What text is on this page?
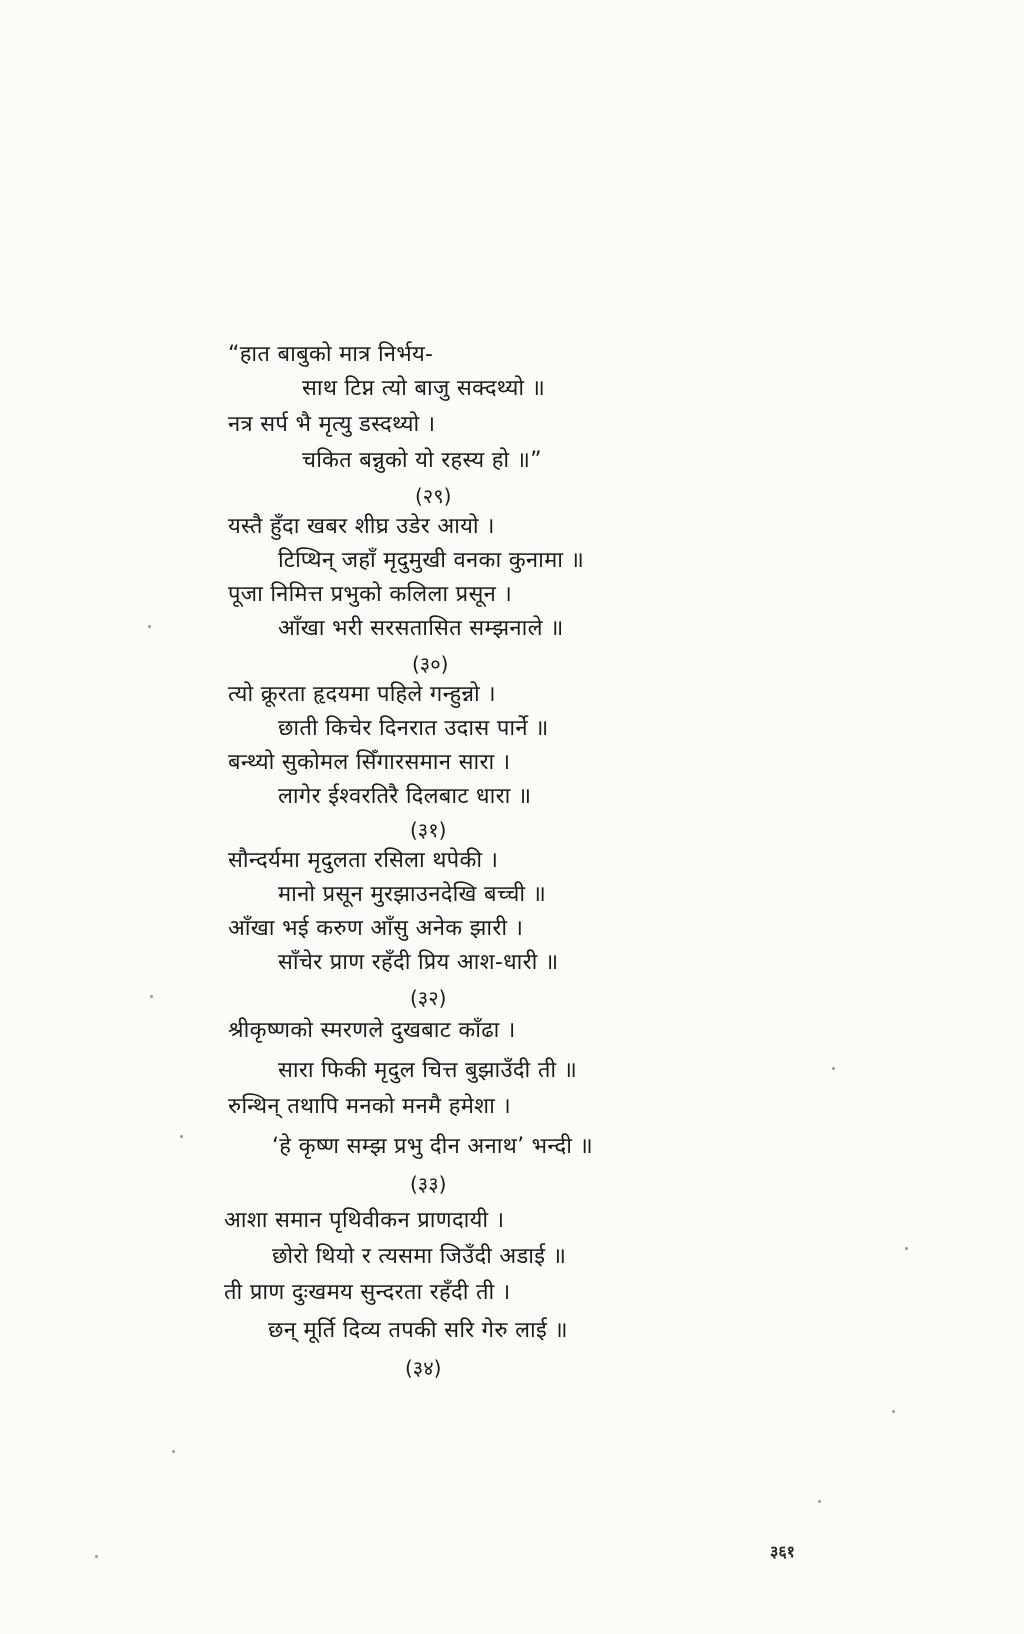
“हात बाबुको मात्र निर्भय-
साथ टिप्न त्यो बाजु सक्दथ्यो ॥
नत्र सर्प भै मृत्यु डस्दथ्यो ।
चकित बन्नुको यो रहस्य हो ॥”
(२९)
यस्तै हुँदा खबर शीघ्र उडेर आयो ।
टिप्थिन् जहाँ मृदुमुखी वनका कुनामा ॥
पूजा निमित्त प्रभुको कलिला प्रसून ।
आँखा भरी सरसतासित सम्झनाले ॥
(३०)
त्यो क्रूरता हृदयमा पहिले गन्हुन्नो ।
छाती किचेर दिनरात उदास पार्ने ॥
बन्थ्यो सुकोमल सिँगारसमान सारा ।
लागेर ईश्वरतिरै दिलबाट धारा ॥
(३१)
सौन्दर्यमा मृदुलता रसिला थपेकी ।
मानो प्रसून मुरझाउनदेखि बच्ची ॥
आँखा भई करुण आँसु अनेक झारी ।
साँचेर प्राण रहँदी प्रिय आश-धारी ॥
(३२)
श्रीकृष्णको स्मरणले दुखबाट काँढा ।
सारा फिकी मृदुल चित्त बुझाउँदी ती ॥
रुन्थिन् तथापि मनको मनमै हमेशा ।
‘हे कृष्ण सम्झ प्रभु दीन अनाथ’ भन्दी ॥
(३३)
आशा समान पृथिवीकन प्राणदायी ।
छोरो थियो र त्यसमा जिउँदी अडाई ॥
ती प्राण दुःखमय सुन्दरता रहँदी ती ।
छन् मूर्ति दिव्य तपकी सरि गेरु लाई ॥
(३४)
३६१
